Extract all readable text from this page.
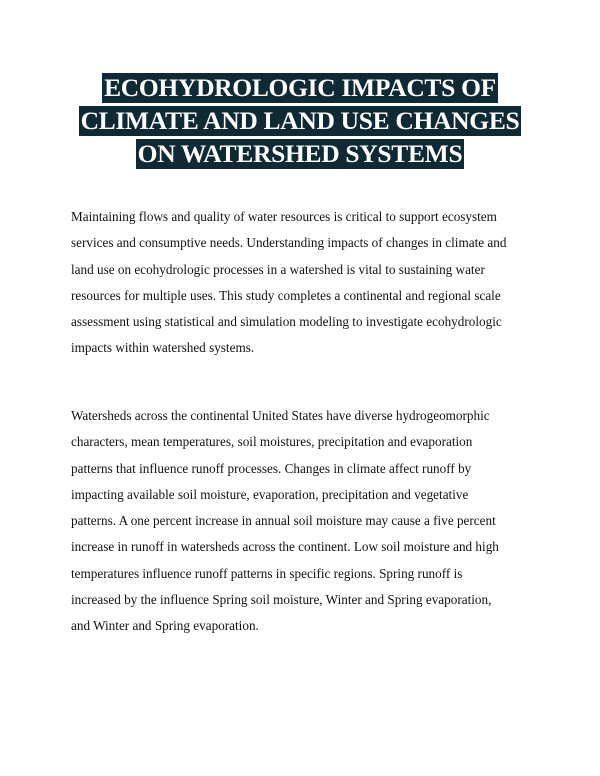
ECOHYDROLOGIC IMPACTS OF
CLIMATE AND LAND USE CHANGES
ON WATERSHED SYSTEMS

Maintaining flows and quality of water resources is critical to support ecosystem
services and consumptive needs. Understanding impacts of changes in climate and
land use on ecohydrologic processes in a watershed is vital to sustaining water
resources for multiple uses. This study completes a continental and regional scale
assessment using statistical and simulation modeling to investigate ecohydrologic
impacts within watershed systems.

Watersheds across the continental United States have diverse hydrogeomorphic
characters, mean temperatures, soil moistures, precipitation and evaporation
patterns that influence runoff processes. Changes in climate affect runoff by
impacting available soil moisture, evaporation, precipitation and vegetative
patterns. A one percent increase in annual soil moisture may cause a five percent
increase in runoff in watersheds across the continent. Low soil moisture and high
temperatures influence runoff patterns in specific regions. Spring runoff is
increased by the influence Spring soil moisture, Winter and Spring evaporation,
and Winter and Spring evaporation.
